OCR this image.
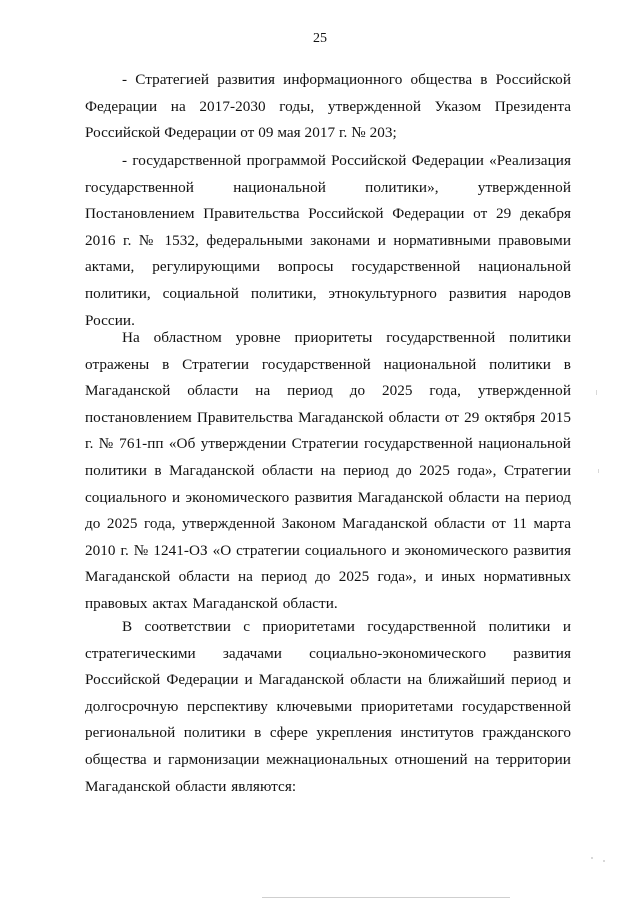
25

- Стратегией развития информационного общества в Российской Федерации на 2017-2030 годы, утвержденной Указом Президента Российской Федерации от 09 мая 2017 г. № 203;

- государственной программой Российской Федерации «Реализация государственной национальной политики», утвержденной Постановлением Правительства Российской Федерации от 29 декабря 2016 г. № 1532, федеральными законами и нормативными правовыми актами, регулирующими вопросы государственной национальной политики, социальной политики, этнокультурного развития народов России.

На областном уровне приоритеты государственной политики отражены в Стратегии государственной национальной политики в Магаданской области на период до 2025 года, утвержденной постановлением Правительства Магаданской области от 29 октября 2015 г. № 761-пп «Об утверждении Стратегии государственной национальной политики в Магаданской области на период до 2025 года», Стратегии социального и экономического развития Магаданской области на период до 2025 года, утвержденной Законом Магаданской области от 11 марта 2010 г. № 1241-ОЗ «О стратегии социального и экономического развития Магаданской области на период до 2025 года», и иных нормативных правовых актах Магаданской области.

В соответствии с приоритетами государственной политики и стратегическими задачами социально-экономического развития Российской Федерации и Магаданской области на ближайший период и долгосрочную перспективу ключевыми приоритетами государственной региональной политики в сфере укрепления институтов гражданского общества и гармонизации межнациональных отношений на территории Магаданской области являются:
